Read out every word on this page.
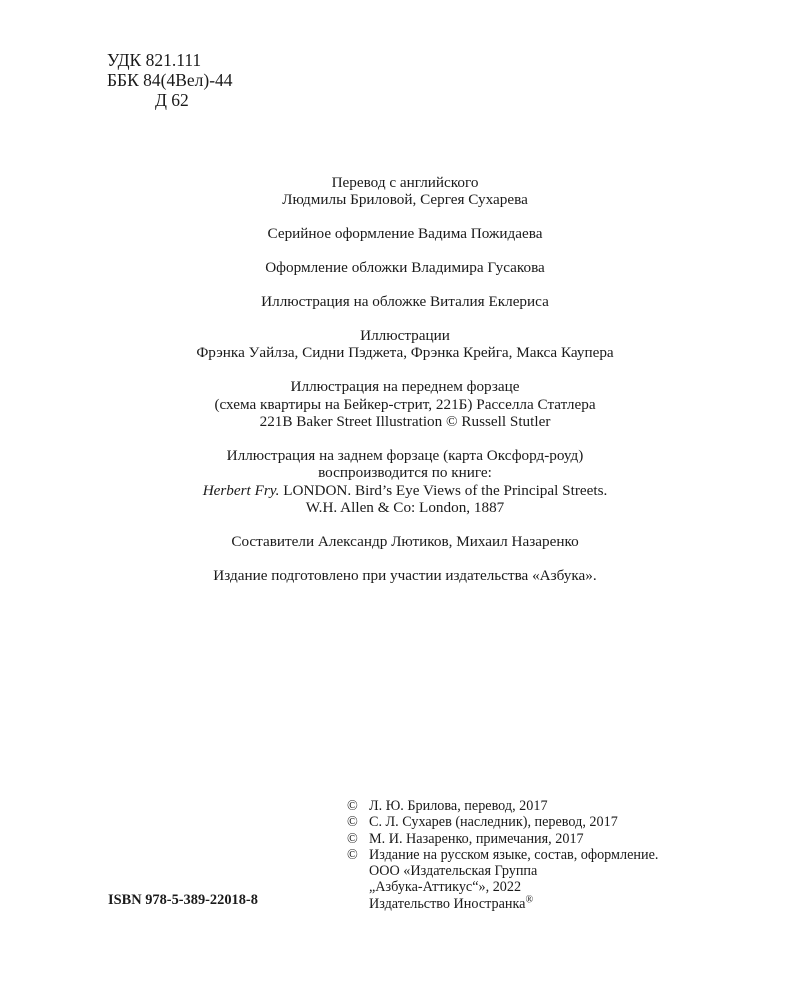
УДК 821.111
ББК 84(4Вел)-44
Д 62
Перевод с английского
Людмилы Бриловой, Сергея Сухарева
Серийное оформление Вадима Пожидаева
Оформление обложки Владимира Гусакова
Иллюстрация на обложке Виталия Еклериса
Иллюстрации
Фрэнка Уайлза, Сидни Пэджета, Фрэнка Крейга, Макса Каупера
Иллюстрация на переднем форзаце
(схема квартиры на Бейкер-стрит, 221Б) Расселла Статлера
221B Baker Street Illustration © Russell Stutler
Иллюстрация на заднем форзаце (карта Оксфорд-роуд)
воспроизводится по книге:
Herbert Fry. LONDON. Bird’s Eye Views of the Principal Streets.
W.H. Allen & Co: London, 1887
Составители Александр Лютиков, Михаил Назаренко
Издание подготовлено при участии издательства «Азбука».
© Л. Ю. Брилова, перевод, 2017
© С. Л. Сухарев (наследник), перевод, 2017
© М. И. Назаренко, примечания, 2017
© Издание на русском языке, состав, оформление.
ООО «Издательская Группа
„Азбука-Аттикус“», 2022
Издательство Иностранка®
ISBN 978-5-389-22018-8
